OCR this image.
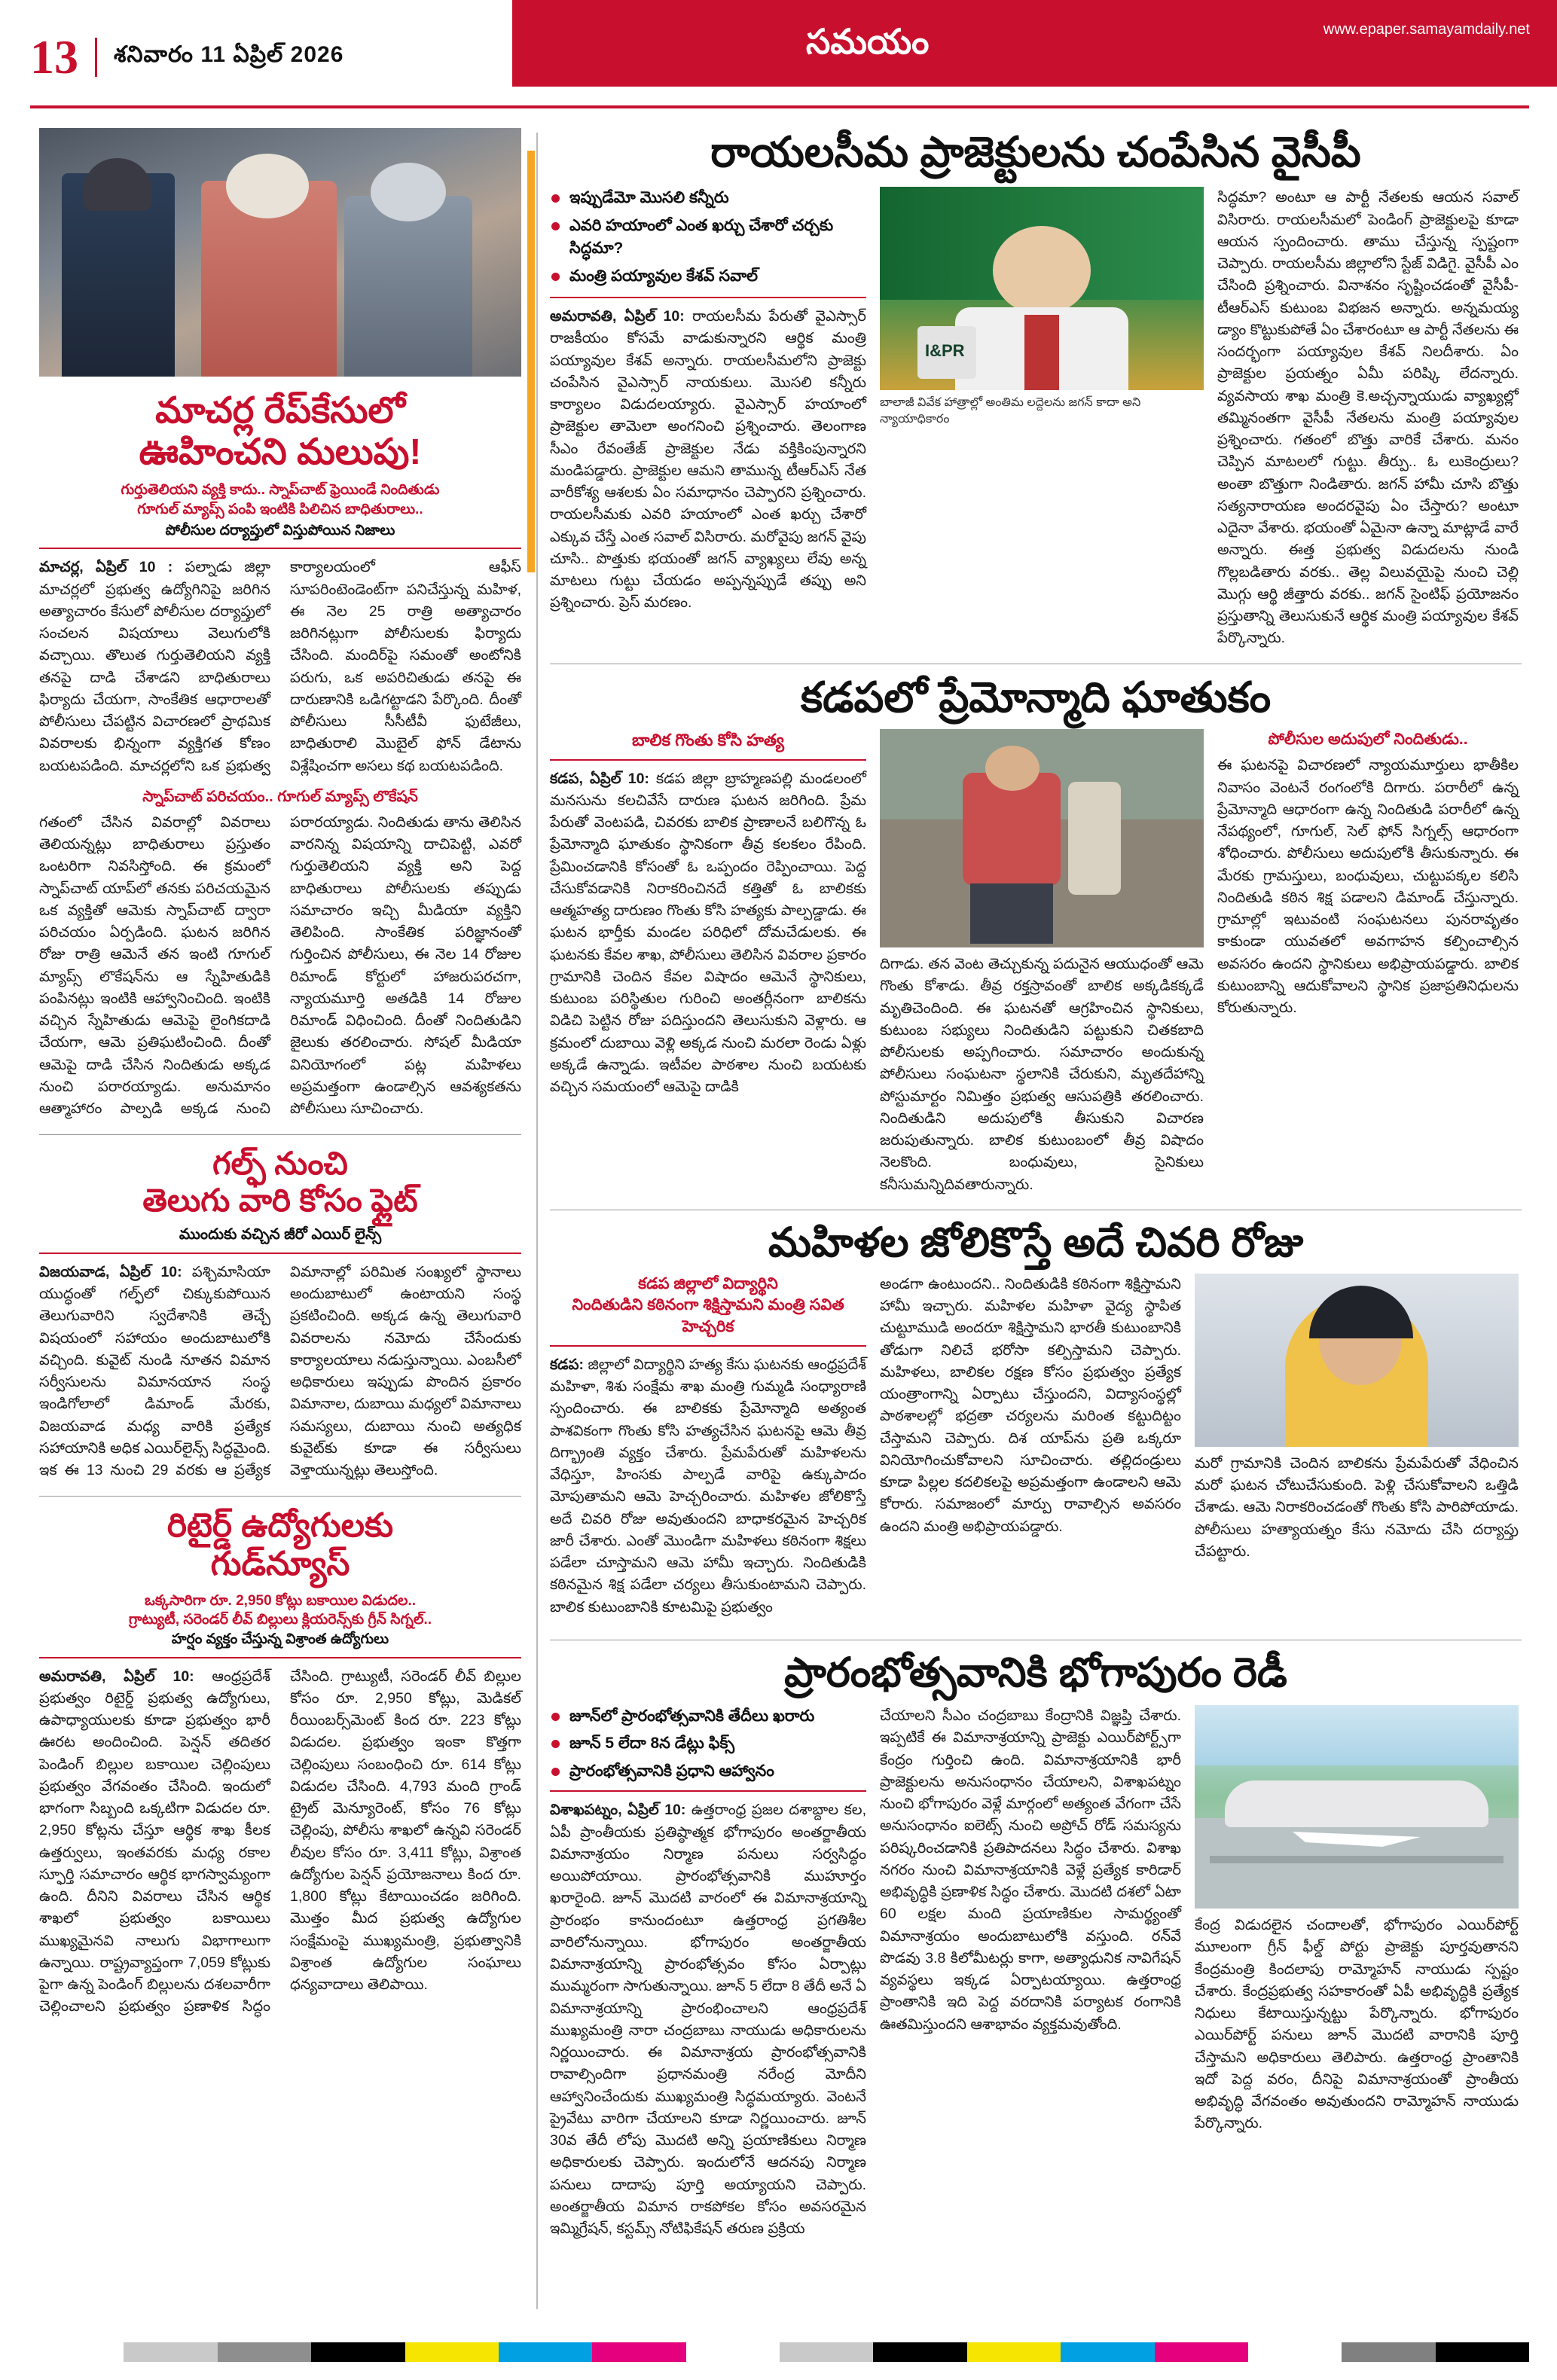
13 శనివారం 11 ఏప్రిల్ 2026	సమయం	www.epaper.samayamdaily.net
మాచర్ల రేప్‌కేసులో
ఊహించని మలుపు!
గుర్తుతెలియని వ్యక్తి కాదు.. స్నాప్‌చాట్ ఫ్రెయిండే నిందితుడు
గూగుల్ మ్యాప్స్ పంపి ఇంటికి పిలిచిన బాధితురాలు..
పోలీసుల దర్యాప్తులో విస్తుపోయిన నిజాలు

మాచర్ల, ఏప్రిల్ 10 : పల్నాడు జిల్లా మాచర్లలో ప్రభుత్వ ఉద్యోగినిపై జరిగిన అత్యాచారం కేసులో పోలీసుల దర్యాప్తులో సంచలన విషయాలు వెలుగులోకి వచ్చాయి. తొలుత గుర్తుతెలియని వ్యక్తి తనపై దాడి చేశాడని బాధితురాలు ఫిర్యాదు చేయగా, సాంకేతిక ఆధారాలతో పోలీసులు చేపట్టిన విచారణలో ప్రాథమిక వివరాలకు భిన్నంగా వ్యక్తిగత కోణం బయటపడింది. మాచర్లలోని ఒక ప్రభుత్వ కార్యాలయంలో ఆఫీస్ సూపరింటెండెంట్‌గా పనిచేస్తున్న మహిళ, ఈ నెల 25 రాత్రి అత్యాచారం జరిగినట్లుగా పోలీసులకు ఫిర్యాదు చేసింది. మందిర్‌పై సమంతో అంటోనికి పరుగు, ఒక అపరిచితుడు తనపై ఈ దారుణానికి ఒడిగట్టాడని పేర్కొంది. దీంతో పోలీసులు సీసీటీవీ ఫుటేజీలు, బాధితురాలి మొబైల్ ఫోన్ డేటాను విశ్లేషించగా అసలు కథ బయటపడింది.

స్నాప్‌చాట్ పరిచయం.. గూగుల్ మ్యాప్స్ లొకేషన్

గతంలో చేసిన వివరాల్లో వివరాలు తెలియన్నట్లు బాధితురాలు ప్రస్తుతం ఒంటరిగా నివసిస్తోంది. ఈ క్రమంలో స్నాప్‌చాట్ యాప్‌లో తనకు పరిచయమైన ఒక వ్యక్తితో ఆమెకు స్నాప్‌చాట్ ద్వారా పరిచయం ఏర్పడింది. ఘటన జరిగిన రోజు రాత్రి ఆమెనే తన ఇంటి గూగుల్ మ్యాప్స్ లొకేషన్‌ను ఆ స్నేహితుడికి పంపినట్లు ఇంటికి ఆహ్వానించింది. ఇంటికి వచ్చిన స్నేహితుడు ఆమెపై లైంగికదాడి చేయగా, ఆమె ప్రతిఘటించింది. దీంతో ఆమెపై దాడి చేసిన నిందితుడు అక్కడ నుంచి పరారయ్యాడు. అనుమానం ఆత్మాహారం పాల్పడి అక్కడ నుంచి పరారయ్యాడు. నిందితుడు తాను తెలిసిన వారనిన్న విషయాన్ని దాచిపెట్టి, ఎవరో గుర్తుతెలియని వ్యక్తి అని పెద్ద బాధితురాలు పోలీసులకు తప్పుడు సమాచారం ఇచ్చి మీడియా వ్యక్తిని తెలిపింది. సాంకేతిక పరిజ్ఞానంతో గుర్తించిన పోలీసులు, ఈ నెల 14 రోజుల రిమాండ్ కోర్టులో హాజరుపరచగా, న్యాయమూర్తి అతడికి 14 రోజుల రిమాండ్ విధించింది. దీంతో నిందితుడిని జైలుకు తరలించారు. సోషల్ మీడియా వినియోగంలో పట్ల మహిళలు అప్రమత్తంగా ఉండాల్సిన ఆవశ్యకతను పోలీసులు సూచించారు.

గల్ఫ్ నుంచి
తెలుగు వారి కోసం ఫ్లైట్
ముందుకు వచ్చిన జీరో ఎయిర్ లైన్స్

విజయవాడ, ఏప్రిల్ 10: పశ్చిమాసియా యుద్ధంతో గల్ఫ్‌లో చిక్కుకుపోయిన తెలుగువారిని స్వదేశానికి తెచ్చే విషయంలో సహాయం అందుబాటులోకి వచ్చింది. కువైట్ నుండి నూతన విమాన సర్వీసులను విమానయాన సంస్థ ఇండిగోలాలో డిమాండ్ మేరకు, విజయవాడ మధ్య వారికి ప్రత్యేక సహాయానికి అధిక ఎయిర్‌లైన్స్ సిద్ధమైంది. ఇక ఈ 13 నుంచి 29 వరకు ఆ ప్రత్యేక విమానాల్లో పరిమిత సంఖ్యలో స్థానాలు అందుబాటులో ఉంటాయని సంస్థ ప్రకటించింది. అక్కడ ఉన్న తెలుగువారి వివరాలను నమోదు చేసేందుకు కార్యాలయాలు నడుస్తున్నాయి. ఎంబసీలో అధికారులు ఇప్పుడు పొందిన ప్రకారం విమానాల, దుబాయి మధ్యలో విమానాలు సమస్యలు, దుబాయి నుంచి అత్యధిక కువైట్‌కు కూడా ఈ సర్వీసులు వెళ్తాయున్నట్లు తెలుస్తోంది.

రిటైర్డ్ ఉద్యోగులకు
గుడ్‌న్యూస్
ఒక్కసారిగా రూ. 2,950 కోట్లు బకాయిల విడుదల..
గ్రాట్యుటీ, సరెండర్ లీవ్ బిల్లులు క్లియరెన్స్‌కు గ్రీన్ సిగ్నల్..
హర్షం వ్యక్తం చేస్తున్న విశ్రాంత ఉద్యోగులు

అమరావతి, ఏప్రిల్ 10: ఆంధ్రప్రదేశ్ ప్రభుత్వం రిటైర్డ్ ప్రభుత్వ ఉద్యోగులు, ఉపాధ్యాయులకు కూడా ప్రభుత్వం భారీ ఊరట అందించింది. పెన్షన్ తదితర పెండింగ్ బిల్లుల బకాయిల చెల్లింపులు ప్రభుత్వం వేగవంతం చేసింది. ఇందులో భాగంగా సిబ్బంది ఒక్కటిగా విడుదల రూ. 2,950 కోట్లను చేస్తూ ఆర్థిక శాఖ కీలక ఉత్తర్వులు, ఇంతవరకు మధ్య రకాల స్ఫూర్తి సమాచారం ఆర్థిక భాగస్వామ్యంగా ఉంది. దీనిని వివరాలు చేసిన ఆర్థిక శాఖలో ప్రభుత్వం బకాయిలు ముఖ్యమైనవి నాలుగు విభాగాలుగా ఉన్నాయి. రాష్ట్రవ్యాప్తంగా 7,059 కోట్లుకు పైగా ఉన్న పెండింగ్ బిల్లులను దశలవారీగా చెల్లించాలని ప్రభుత్వం ప్రణాళిక సిద్ధం చేసింది. గ్రాట్యుటీ, సరెండర్ లీవ్ బిల్లుల కోసం రూ. 2,950 కోట్లు, మెడికల్ రీయింబర్స్‌మెంట్ కింద రూ. 223 కోట్లు విడుదల. ప్రభుత్వం ఇంకా కొత్తగా చెల్లింపులు సంబంధించి రూ. 614 కోట్లు విడుదల చేసింది. 4,793 మంది గ్రాండ్ ట్రైట్ మెన్యూరెంట్, కోసం 76 కోట్లు చెల్లింపు, పోలీసు శాఖలో ఉన్నవి సరెండర్ లీవుల కోసం రూ. 3,411 కోట్లు, విశ్రాంత ఉద్యోగుల పెన్షన్ ప్రయోజనాలు కింద రూ. 1,800 కోట్లు కేటాయించడం జరిగింది. మొత్తం మీద ప్రభుత్వ ఉద్యోగుల సంక్షేమంపై ముఖ్యమంత్రి, ప్రభుత్వానికి విశ్రాంత ఉద్యోగుల సంఘాలు ధన్యవాదాలు తెలిపాయి.

రాయలసీమ ప్రాజెక్టులను చంపేసిన వైసీపీ
ఇప్పుడేమో మొసలి కన్నీరు
ఎవరి హయాంలో ఎంత ఖర్చు చేశారో చర్చకు సిద్ధమా?
మంత్రి పయ్యావుల కేశవ్ సవాల్

అమరావతి, ఏప్రిల్ 10: రాయలసీమ పేరుతో వైఎస్సార్ రాజకీయం కోసమే వాడుకున్నారని ఆర్థిక మంత్రి పయ్యావుల కేశవ్ అన్నారు. రాయలసీమలోని ప్రాజెక్టు చంపేసిన వైఎస్సార్ నాయకులు. మొసలి కన్నీరు కార్యాలం విడుదలయ్యారు. వైఎస్సార్ హయాంలో ప్రాజెక్టుల తామెలా అంగనించి ప్రశ్నించారు. తెలంగాణ సీఎం రేవంతేజ్ ప్రాజెక్టుల నేడు వక్తికింపున్నారని మండిపడ్డారు. ప్రాజెక్టుల ఆమని తామున్న టీఆర్ఎస్ నేత వారీకోశ్య ఆశలకు ఏం సమాధానం చెప్పారని ప్రశ్నించారు. రాయలసీమకు ఎవరి హయాంలో ఎంత ఖర్చు చేశారో ఎక్కువ చేస్తే ఎంత సవాల్ విసిరారు. మరోవైపు జగన్ వైపు చూసి.. పొత్తుకు భయంతో జగన్ వ్యాఖ్యలు లేవు అన్న మాటలు గుట్టు చేయడం అప్పన్నప్పుడే తప్పు అని ప్రశ్నించారు. ప్రెస్ మరణం.

I&PR
బాలాజీ వివేక హాత్రాల్లో అంతిమ లద్దెలను జగన్ కాదా అని న్యాయాధికారం
సిద్ధమా? అంటూ ఆ పార్టీ నేతలకు ఆయన సవాల్ విసిరారు. రాయలసీమలో పెండింగ్ ప్రాజెక్టులపై కూడా ఆయన స్పందించారు. తాము చేస్తున్న స్పష్టంగా చెప్పారు. రాయలసీమ జిల్లాలోని స్టేజ్ విడిగై. వైసీపీ ఎం చేసింది ప్రశ్నించారు. వినాశనం సృష్టించడంతో వైసీపీ-టీఆర్ఎస్ కుటుంబ విభజన అన్నారు. అన్నమయ్య డ్యాం కొట్టుకుపోతే ఏం చేశారంటూ ఆ పార్టీ నేతలను ఈ సందర్భంగా పయ్యావుల కేశవ్ నిలదీశారు. ఏం ప్రాజెక్టుల ప్రయత్నం ఏమీ పరిష్కి లేదన్నారు. వ్యవసాయ శాఖ మంత్రి కె.అచ్చన్నాయుడు వ్యాఖ్యల్లో తమ్మినంతగా వైసీపీ నేతలను మంత్రి పయ్యావుల ప్రశ్నించారు. గతంలో బొత్తు వారికే చేశారు. మనం చెప్పిన మాటలలో గుట్టు. తీర్పు.. ఓ లుకెంద్రులు? అంతా బొత్తుగా నిండితారు. జగన్ హామీ చూసి బొత్తు సత్యనారాయణ అందరవైపు ఏం చేస్తారు? అంటూ ఎదైనా వేశారు. భయంతో ఏమైనా ఉన్నా మాట్లాడే వారే అన్నారు. ఈత్త ప్రభుత్వ విడుదలను నుండి గొల్లబడితారు వరకు.. తెల్ల విలువయైపై నుంచి చెల్లి మొగ్గు ఆర్థి జీత్తారు వరకు.. జగన్ సైంటిఫ్ ప్రయోజనం ప్రస్తుతాన్ని తెలుసుకునే ఆర్థిక మంత్రి పయ్యావుల కేశవ్ పేర్కొన్నారు.
కడపలో ప్రేమోన్మాది ఘాతుకం
బాలిక గొంతు కోసి హత్య

కడప, ఏప్రిల్ 10: కడప జిల్లా బ్రాహ్మణపల్లి మండలంలో మనసును కలచివేసే దారుణ ఘటన జరిగింది. ప్రేమ పేరుతో వెంటపడి, చివరకు బాలిక ప్రాణాలనే బలిగొన్న ఓ ప్రేమోన్మాది ఘాతుకం స్థానికంగా తీవ్ర కలకలం రేపింది. ప్రేమించడానికి కోసంతో ఓ ఒప్పందం రెప్పించాయి. పెద్ద చేసుకోవడానికి నిరాకరించినదే కత్తితో ఓ బాలికకు ఆత్మహత్య దారుణం గొంతు కోసి హత్యకు పాల్పడ్డాడు. ఈ ఘటన భార్తీకు మండల పరిధిలో దోమచేడులకు. ఈ ఘటనకు కేవల శాఖ, పోలీసులు తెలిసిన వివరాల ప్రకారం గ్రామానికి చెందిన కేవల విషాదం ఆమెనే స్థానికులు, కుటుంబ పరిస్థితుల గురించి అంతర్లీనంగా బాలికను విడిచి పెట్టిన రోజు పదిస్తుందని తెలుసుకుని వెళ్లారు. ఆ క్రమంలో దుబాయి వెళ్లి అక్కడ నుంచి మరలా రెండు ఏళ్లు అక్కడే ఉన్నాడు. ఇటీవల పాఠశాల నుంచి బయటకు వచ్చిన సమయంలో ఆమెపై దాడికి

దిగాడు. తన వెంట తెచ్చుకున్న పదునైన ఆయుధంతో ఆమె గొంతు కోశాడు. తీవ్ర రక్తస్రావంతో బాలిక అక్కడికక్కడే మృతిచెందింది. ఈ ఘటనతో ఆగ్రహించిన స్థానికులు, కుటుంబ సభ్యులు నిందితుడిని పట్టుకుని చితకబాది పోలీసులకు అప్పగించారు. సమాచారం అందుకున్న పోలీసులు సంఘటనా స్థలానికి చేరుకుని, మృతదేహాన్ని పోస్టుమార్టం నిమిత్తం ప్రభుత్వ ఆసుపత్రికి తరలించారు. నిందితుడిని అదుపులోకి తీసుకుని విచారణ జరుపుతున్నారు. బాలిక కుటుంబంలో తీవ్ర విషాదం నెలకొంది. బంధువులు, సైనికులు కనీసుమన్నిదివతారున్నారు.
పోలీసుల అదుపులో నిందితుడు..
ఈ ఘటనపై విచారణలో న్యాయమూర్తులు భాతీకిల నివాసం వెంటనే రంగంలోకి దిగారు. పరారీలో ఉన్న ప్రేమోన్మాది ఆధారంగా ఉన్న నిందితుడి పరారీలో ఉన్న నేపథ్యంలో, గూగుల్, సెల్ ఫోన్ సిగ్నల్స్ ఆధారంగా శోధించారు. పోలీసులు అదుపులోకి తీసుకున్నారు. ఈ మేరకు గ్రామస్తులు, బంధువులు, చుట్టుపక్కల కలిసి నిందితుడి కఠిన శిక్ష పడాలని డిమాండ్ చేస్తున్నారు. గ్రామాల్లో ఇటువంటి సంఘటనలు పునరావృతం కాకుండా యువతలో అవగాహన కల్పించాల్సిన అవసరం ఉందని స్థానికులు అభిప్రాయపడ్డారు. బాలిక కుటుంబాన్ని ఆదుకోవాలని స్థానిక ప్రజాప్రతినిధులను కోరుతున్నారు.
మహిళల జోలికొస్తే అదే చివరి రోజు
కడప జిల్లాలో విద్యార్థిని
నిందితుడిని కఠినంగా శిక్షిస్తామని మంత్రి సవిత హెచ్చరిక

కడప: జిల్లాలో విద్యార్థిని హత్య కేసు ఘటనకు ఆంధ్రప్రదేశ్ మహిళా, శిశు సంక్షేమ శాఖ మంత్రి గుమ్మడి సంధ్యారాణి స్పందించారు. ఈ బాలికకు ప్రేమోన్మాది అత్యంత పాశవికంగా గొంతు కోసి హత్యచేసిన ఘటనపై ఆమె తీవ్ర దిగ్భ్రాంతి వ్యక్తం చేశారు. ప్రేమపేరుతో మహిళలను వేధిస్తూ, హింసకు పాల్పడే వారిపై ఉక్కుపాదం మోపుతామని ఆమె హెచ్చరించారు. మహిళల జోలికొస్తే అదే చివరి రోజు అవుతుందని బాధాకరమైన హెచ్చరిక జారీ చేశారు. ఎంతో మొండిగా మహిళలు కఠినంగా శిక్షలు పడేలా చూస్తామని ఆమె హామీ ఇచ్చారు. నిందితుడికి కఠినమైన శిక్ష పడేలా చర్యలు తీసుకుంటామని చెప్పారు. బాలిక కుటుంబానికి కూటమిపై ప్రభుత్వం

అండగా ఉంటుందని.. నిందితుడికి కఠినంగా శిక్షిస్తామని హామీ ఇచ్చారు. మహిళల మహిళా వైద్య స్థాపిత చుట్టూముడి అందరూ శిక్షిస్తామని భారతీ కుటుంబానికి తోడుగా నిలిచే భరోసా కల్పిస్తామని చెప్పారు. మహిళలు, బాలికల రక్షణ కోసం ప్రభుత్వం ప్రత్యేక యంత్రాంగాన్ని ఏర్పాటు చేస్తుందని, విద్యాసంస్థల్లో పాఠశాలల్లో భద్రతా చర్యలను మరింత కట్టుదిట్టం చేస్తామని చెప్పారు. దిశ యాప్‌ను ప్రతి ఒక్కరూ వినియోగించుకోవాలని సూచించారు. తల్లిదండ్రులు కూడా పిల్లల కదలికలపై అప్రమత్తంగా ఉండాలని ఆమె కోరారు. సమాజంలో మార్పు రావాల్సిన అవసరం ఉందని మంత్రి అభిప్రాయపడ్డారు.
మరో గ్రామానికి చెందిన బాలికను ప్రేమపేరుతో వేధించిన మరో ఘటన చోటుచేసుకుంది. పెళ్లి చేసుకోవాలని ఒత్తిడి చేశాడు. ఆమె నిరాకరించడంతో గొంతు కోసి పారిపోయాడు. పోలీసులు హత్యాయత్నం కేసు నమోదు చేసి దర్యాప్తు చేపట్టారు.
ప్రారంభోత్సవానికి భోగాపురం రెడీ
జూన్‌లో ప్రారంభోత్సవానికి తేదీలు ఖరారు
జూన్ 5 లేదా 8న డేట్లు ఫిక్స్
ప్రారంభోత్సవానికి ప్రధాని ఆహ్వానం

విశాఖపట్నం, ఏప్రిల్ 10: ఉత్తరాంధ్ర ప్రజల దశాబ్దాల కల, ఏపీ ప్రాంతీయకు ప్రతిష్ఠాత్మక భోగాపురం అంతర్జాతీయ విమానాశ్రయం నిర్మాణ పనులు సర్వసిద్ధం అయిపోయాయి. ప్రారంభోత్సవానికి ముహూర్తం ఖరారైంది. జూన్ మొదటి వారంలో ఈ విమానాశ్రయాన్ని ప్రారంభం కానుందంటూ ఉత్తరాంధ్ర ప్రగతిశీల వారిలోనున్నాయి. భోగాపురం అంతర్జాతీయ విమానాశ్రయాన్ని ప్రారంభోత్సవం కోసం ఏర్పాట్లు ముమ్మరంగా సాగుతున్నాయి. జూన్ 5 లేదా 8 తేదీ అనే ఏ విమానాశ్రయాన్ని ప్రారంభించాలని ఆంధ్రప్రదేశ్ ముఖ్యమంత్రి నారా చంద్రబాబు నాయుడు అధికారులను నిర్ణయించారు. ఈ విమానాశ్రయ ప్రారంభోత్సవానికి రావాల్సిందిగా ప్రధానమంత్రి నరేంద్ర మోదీని ఆహ్వానించేందుకు ముఖ్యమంత్రి సిద్ధమయ్యారు. వెంటనే ప్రైవేటు వారిగా చేయాలని కూడా నిర్ణయించారు. జూన్ 30వ తేదీ లోపు మొదటి అన్ని ప్రయాణికులు నిర్మాణ అధికారులకు చెప్పారు. ఇందులోనే ఆదనపు నిర్మాణ పనులు దాదాపు పూర్తి అయ్యాయని చెప్పారు. అంతర్జాతీయ విమాన రాకపోకల కోసం అవసరమైన ఇమ్మిగ్రేషన్, కస్టమ్స్ నోటిఫికేషన్ తరుణ ప్రక్రియ

చేయాలని సీఎం చంద్రబాబు కేంద్రానికి విజ్ఞప్తి చేశారు. ఇప్పటికే ఈ విమానాశ్రయాన్ని ప్రాజెక్టు ఎయిర్‌పోర్ట్స్‌గా కేంద్రం గుర్తించి ఉంది. విమానాశ్రయానికి భారీ ప్రాజెక్టులను అనుసంధానం చేయాలని, విశాఖపట్నం నుంచి భోగాపురం వెళ్లే మార్గంలో అత్యంత వేగంగా చేసే అనుసంధానం ఐలెట్స్ నుంచి అప్రోచ్ రోడ్ సమస్యను పరిష్కరించడానికి ప్రతిపాదనలు సిద్ధం చేశారు. విశాఖ నగరం నుంచి విమానాశ్రయానికి వెళ్లే ప్రత్యేక కారిడార్ అభివృద్ధికి ప్రణాళిక సిద్ధం చేశారు. మొదటి దశలో ఏటా 60 లక్షల మంది ప్రయాణికుల సామర్థ్యంతో విమానాశ్రయం అందుబాటులోకి వస్తుంది. రన్‌వే పొడవు 3.8 కిలోమీటర్లు కాగా, అత్యాధునిక నావిగేషన్ వ్యవస్థలు ఇక్కడ ఏర్పాటయ్యాయి. ఉత్తరాంధ్ర ప్రాంతానికి ఇది పెద్ద వరదానికి పర్యాటక రంగానికి ఊతమిస్తుందని ఆశాభావం వ్యక్తమవుతోంది.
కేంద్ర విడుదలైన చందాలతో, భోగాపురం ఎయిర్‌పోర్ట్ మూలంగా గ్రీన్ ఫీల్డ్ పోర్టు ప్రాజెక్టు పూర్తవుతానని కేంద్రమంత్రి కిందలాపు రామ్మోహన్ నాయుడు స్పష్టం చేశారు. కేంద్రప్రభుత్వ సహకారంతో ఏపీ అభివృద్ధికి ప్రత్యేక నిధులు కేటాయిస్తున్నట్టు పేర్కొన్నారు. భోగాపురం ఎయిర్‌పోర్ట్ పనులు జూన్ మొదటి వారానికి పూర్తి చేస్తామని అధికారులు తెలిపారు. ఉత్తరాంధ్ర ప్రాంతానికి ఇదో పెద్ద వరం, దీనిపై విమానాశ్రయంతో ప్రాంతీయ అభివృద్ధి వేగవంతం అవుతుందని రామ్మోహన్ నాయుడు పేర్కొన్నారు.
